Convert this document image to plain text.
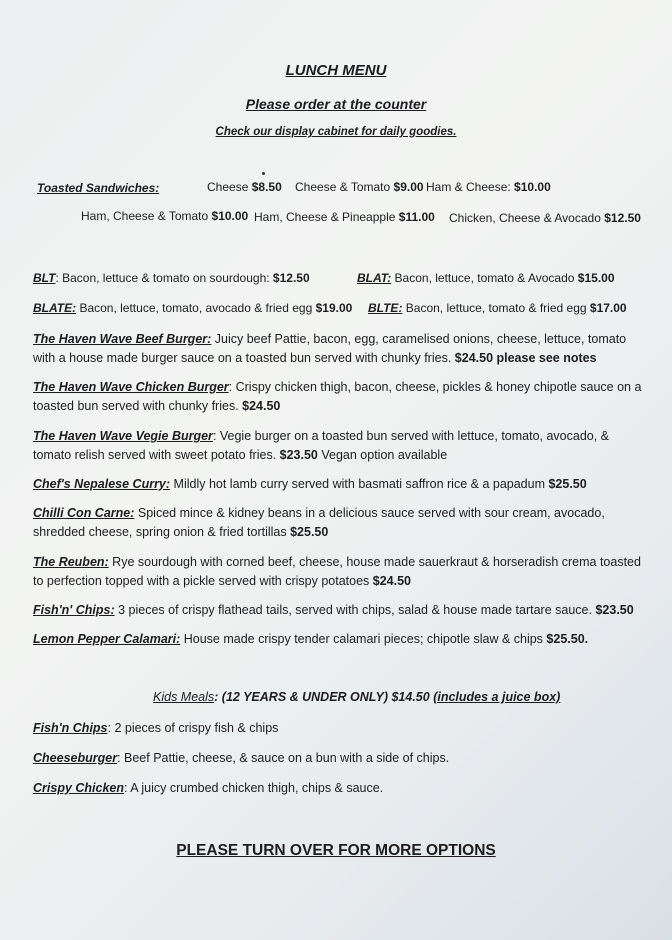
LUNCH MENU
Please order at the counter
Check our display cabinet for daily goodies.
Toasted Sandwiches:	Cheese $8.50 Cheese & Tomato $9.00 Ham & Cheese: $10.00
Ham, Cheese & Tomato $10.00 Ham, Cheese & Pineapple $11.00 Chicken, Cheese & Avocado $12.50
BLT: Bacon, lettuce & tomato on sourdough: $12.50	BLAT: Bacon, lettuce, tomato & Avocado $15.00
BLATE: Bacon, lettuce, tomato, avocado & fried egg $19.00 BLTE: Bacon, lettuce, tomato & fried egg $17.00
The Haven Wave Beef Burger: Juicy beef Pattie, bacon, egg, caramelised onions, cheese, lettuce, tomato with a house made burger sauce on a toasted bun served with chunky fries. $24.50 please see notes
The Haven Wave Chicken Burger: Crispy chicken thigh, bacon, cheese, pickles & honey chipotle sauce on a toasted bun served with chunky fries. $24.50
The Haven Wave Vegie Burger: Vegie burger on a toasted bun served with lettuce, tomato, avocado, & tomato relish served with sweet potato fries. $23.50 Vegan option available
Chef's Nepalese Curry: Mildly hot lamb curry served with basmati saffron rice & a papadum $25.50
Chilli Con Carne: Spiced mince & kidney beans in a delicious sauce served with sour cream, avocado, shredded cheese, spring onion & fried tortillas $25.50
The Reuben: Rye sourdough with corned beef, cheese, house made sauerkraut & horseradish crema toasted to perfection topped with a pickle served with crispy potatoes $24.50
Fish'n' Chips: 3 pieces of crispy flathead tails, served with chips, salad & house made tartare sauce. $23.50
Lemon Pepper Calamari: House made crispy tender calamari pieces; chipotle slaw & chips $25.50.
Kids Meals: (12 YEARS & UNDER ONLY) $14.50 (includes a juice box)
Fish'n Chips: 2 pieces of crispy fish & chips
Cheeseburger: Beef Pattie, cheese, & sauce on a bun with a side of chips.
Crispy Chicken: A juicy crumbed chicken thigh, chips & sauce.
PLEASE TURN OVER FOR MORE OPTIONS
